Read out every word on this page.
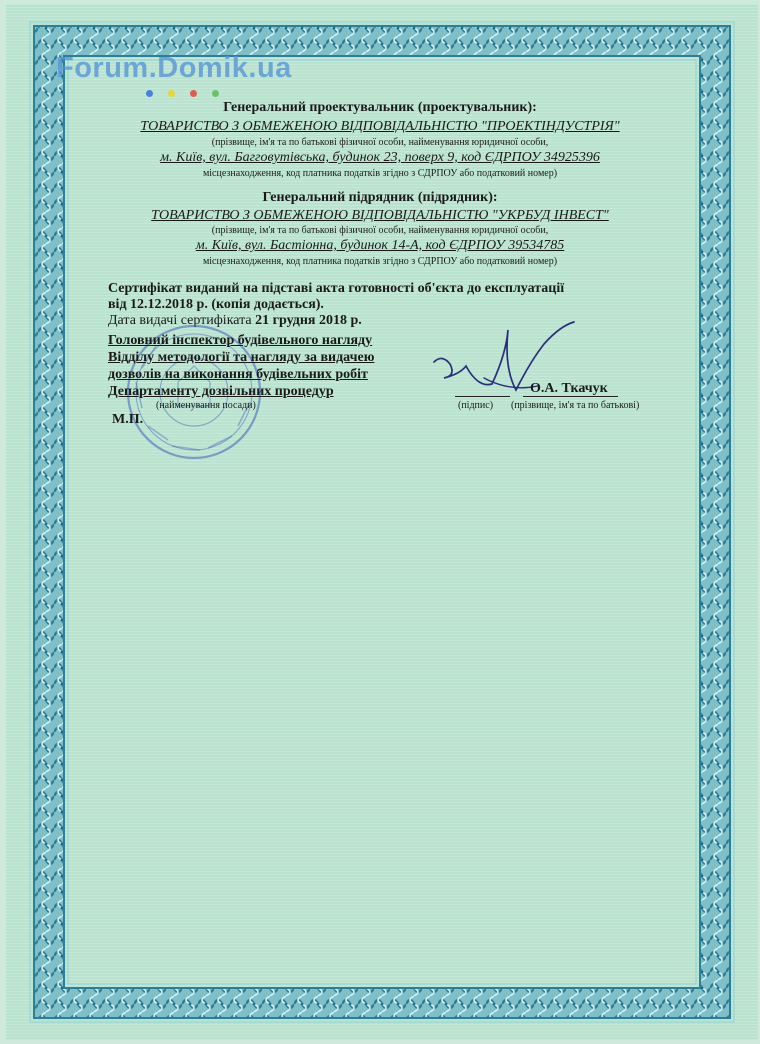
Forum.Domik.ua
Генеральний проектувальник (проектувальник):
ТОВАРИСТВО З ОБМЕЖЕНОЮ ВІДПОВІДАЛЬНІСТЮ "ПРОЕКТІНДУСТРІЯ"
(прізвище, ім'я та по батькові фізичної особи, найменування юридичної особи,
м. Київ, вул. Багговутівська, будинок 23, поверх 9, код ЄДРПОУ 34925396
місцезнаходження, код платника податків згідно з СДРПОУ або податковий номер)
Генеральний підрядник (підрядник):
ТОВАРИСТВО З ОБМЕЖЕНОЮ ВІДПОВІДАЛЬНІСТЮ "УКРБУД ІНВЕСТ"
(прізвище, ім'я та по батькові фізичної особи, найменування юридичної особи,
м. Київ, вул. Бастіонна, будинок 14-А, код ЄДРПОУ 39534785
місцезнаходження, код платника податків згідно з СДРПОУ або податковий номер)
Сертифікат виданий на підставі акта готовності об'єкта до експлуатації
від 12.12.2018 р. (копія додається).
Дата видачі сертифіката 21 грудня 2018 р.
Головний інспектор будівельного нагляду
Відділу методології та нагляду за видачею
дозволів на виконання будівельних робіт
Департаменту дозвільних процедур
(найменування посади)
М.П.
О.А. Ткачук
(підпис) (прізвище, ім'я та по батькові)
